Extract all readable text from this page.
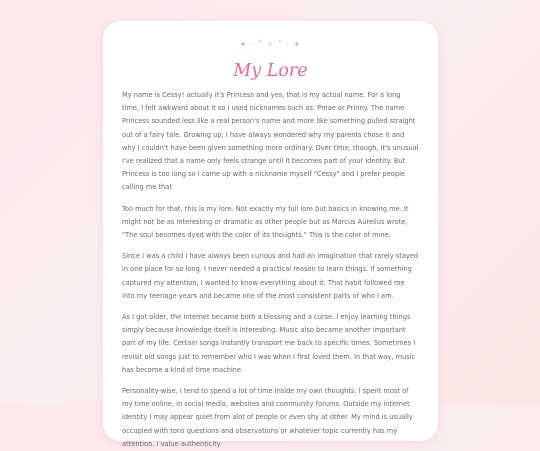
✦ · ˚ ✧ ˚ · ✦
My Lore

My name is Cessy! actually it's Princess and yes, that is my actual name. For a long time, I felt awkward about it so I used nicknames such as: Pmae or Prinny. The name Princess sounded less like a real person's name and more like something pulled straight out of a fairy tale. Growing up, I have always wondered why my parents chose it and why I couldn't have been given something more ordinary. Over time, though, it's unusual I've realized that a name only feels strange until it becomes part of your identity. But Princess is too long so I came up with a nickname myself "Cessy" and I prefer people calling me that

Too much for that, this is my lore. Not exactly my full lore but basics in knowing me. It might not be as interesting or dramatic as other people but as Marcus Aurelius wrote, "The soul becomes dyed with the color of its thoughts." This is the color of mine.

Since I was a child I have always been curious and had an imagination that rarely stayed in one place for so long. I never needed a practical reason to learn things. If something captured my attention, I wanted to know everything about it. That habit followed me into my teenage years and became one of the most consistent parts of who I am.

As I got older, the internet became both a blessing and a curse. I enjoy learning things simply because knowledge itself is interesting. Music also became another important part of my life. Certain songs instantly transport me back to specific times. Sometimes I revisit old songs just to remember who I was when I first loved them. In that way, music has become a kind of time machine.

Personality-wise, I tend to spend a lot of time inside my own thoughts. I spent most of my time online, in social media, websites and community forums. Outside my internet identity I may appear quiet from alot of people or even shy at other. My mind is usually occupied with tons questions and observations or whatever topic currently has my attention. I value authenticity
